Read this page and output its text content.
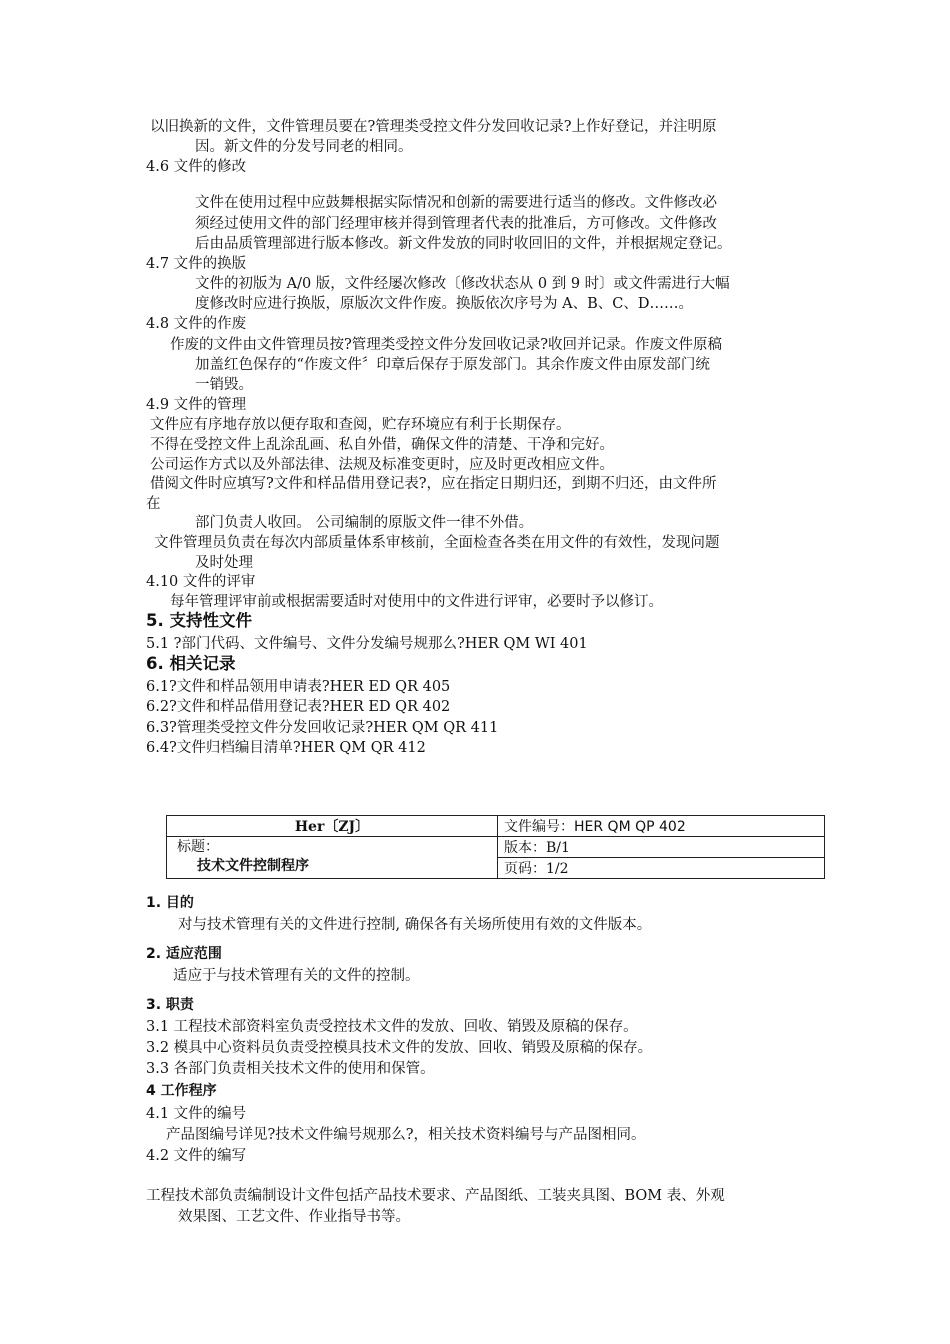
以旧换新的文件，文件管理员要在?管理类受控文件分发回收记录?上作好登记，并注明原
因。新文件的分发号同老的相同。
4.6 文件的修改
文件在使用过程中应鼓舞根据实际情况和创新的需要进行适当的修改。文件修改必
须经过使用文件的部门经理审核并得到管理者代表的批准后，方可修改。文件修改
后由品质管理部进行版本修改。新文件发放的同时收回旧的文件，并根据规定登记。
4.7 文件的换版
文件的初版为 A/0 版，文件经屡次修改〔修改状态从 0 到 9 时〕或文件需进行大幅
度修改时应进行换版，原版次文件作废。换版依次序号为 A、B、C、D……。
4.8 文件的作废
作废的文件由文件管理员按?管理类受控文件分发回收记录?收回并记录。作废文件原稿
加盖红色保存的“作废文件〞印章后保存于原发部门。其余作废文件由原发部门统
一销毁。
4.9 文件的管理
文件应有序地存放以便存取和查阅，贮存环境应有利于长期保存。
不得在受控文件上乱涂乱画、私自外借，确保文件的清楚、干净和完好。
公司运作方式以及外部法律、法规及标准变更时，应及时更改相应文件。
借阅文件时应填写?文件和样品借用登记表?，应在指定日期归还，到期不归还，由文件所
在
部门负责人收回。 公司编制的原版文件一律不外借。
文件管理员负责在每次内部质量体系审核前，全面检查各类在用文件的有效性，发现问题
及时处理
4.10 文件的评审
每年管理评审前或根据需要适时对使用中的文件进行评审，必要时予以修订。
5. 支持性文件
5.1 ?部门代码、文件编号、文件分发编号规那么?HER QM WI 401
6. 相关记录
6.1?文件和样品领用申请表?HER ED QR 405
6.2?文件和样品借用登记表?HER ED QR 402
6.3?管理类受控文件分发回收记录?HER QM QR 411
6.4?文件归档编目清单?HER QM QR 412
Her〔ZJ〕	文件编号：HER QM QP 402

标题：
技术文件控制程序	版本：B/1
	页码：1/2
1. 目的
对与技术管理有关的文件进行控制, 确保各有关场所使用有效的文件版本。
2. 适应范围
适应于与技术管理有关的文件的控制。
3. 职责
3.1 工程技术部资料室负责受控技术文件的发放、回收、销毁及原稿的保存。
3.2 模具中心资料员负责受控模具技术文件的发放、回收、销毁及原稿的保存。
3.3 各部门负责相关技术文件的使用和保管。
4 工作程序
4.1 文件的编号
产品图编号详见?技术文件编号规那么?，相关技术资料编号与产品图相同。
4.2 文件的编写
工程技术部负责编制设计文件包括产品技术要求、产品图纸、工装夹具图、BOM 表、外观
效果图、工艺文件、作业指导书等。
